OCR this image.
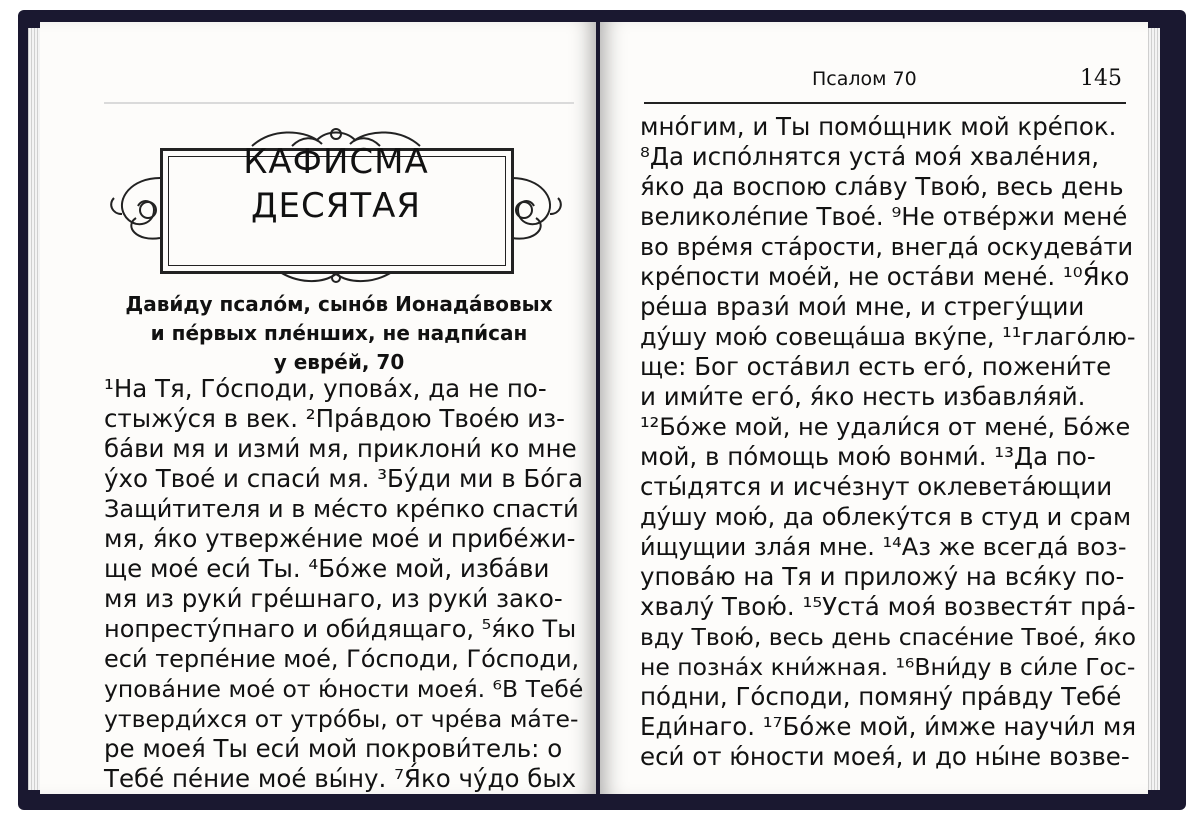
КАФИСМА
ДЕСЯТАЯ
Дави́ду псалóм, сынóв Ионадáвовых
и пéрвых плéнших, не надпи́сан
у еврéй, 70
¹На Тя, Гóсподи, уповáх, да не по-
стыжу́ся в век. ²Прáвдою Твоéю из-
бáви мя и изми́ мя, приклони́ ко мне
у́хо Твоé и спаси́ мя. ³Бу́ди ми в Бóга
Защи́тителя и в мéсто крéпко спасти́
мя, я́ко утвержéние моé и прибéжи-
ще моé еси́ Ты. ⁴Бóже мой, избáви
мя из руки́ грéшнаго, из руки́ зако-
нопресту́пнаго и оби́дящаго, ⁵я́ко Ты
еси́ терпéние моé, Гóсподи, Гóсподи,
уповáние моé от ю́ности моея́. ⁶В Тебé
утверди́хся от утрóбы, от чрéва мáте-
ре моея́ Ты еси́ мой покрови́тель: о
Тебé пéние моé вы́ну. ⁷Я́ко чу́до бых
Псалом 70	145
мнóгим, и Ты помóщник мой крéпок.
⁸Да испóлнятся устá моя́ хвалéния,
я́ко да воспою слáву Твою́, весь день
великолéпие Твоé. ⁹Не отвéржи менé
во врéмя стáрости, внегдá оскудевáти
крéпости моéй, не остáви менé. ¹⁰Я́ко
рéша врази́ мои́ мне, и стрегу́щии
ду́шу мою́ совещáша вку́пе, ¹¹глагóлю-
ще: Бог остáвил есть егó, пожени́те
и ими́те егó, я́ко несть избавля́яй.
¹²Бóже мой, не удали́ся от менé, Бóже
мой, в пóмощь мою́ вонми́. ¹³Да по-
сты́дятся и исчéзнут оклеветáющии
ду́шу мою́, да облеку́тся в студ и срам
и́щущии злáя мне. ¹⁴Аз же всегдá воз-
уповáю на Тя и приложу́ на вся́ку по-
хвалу́ Твою́. ¹⁵Устá моя́ возвестя́т прá-
вду Твою́, весь день спасéние Твоé, я́ко
не познáх кни́жная. ¹⁶Вни́ду в си́ле Гос-
пóдни, Гóсподи, помяну́ прáвду Тебé
Еди́наго. ¹⁷Бóже мой, и́мже научи́л мя
еси́ от ю́ности моея́, и до ны́не возве-
